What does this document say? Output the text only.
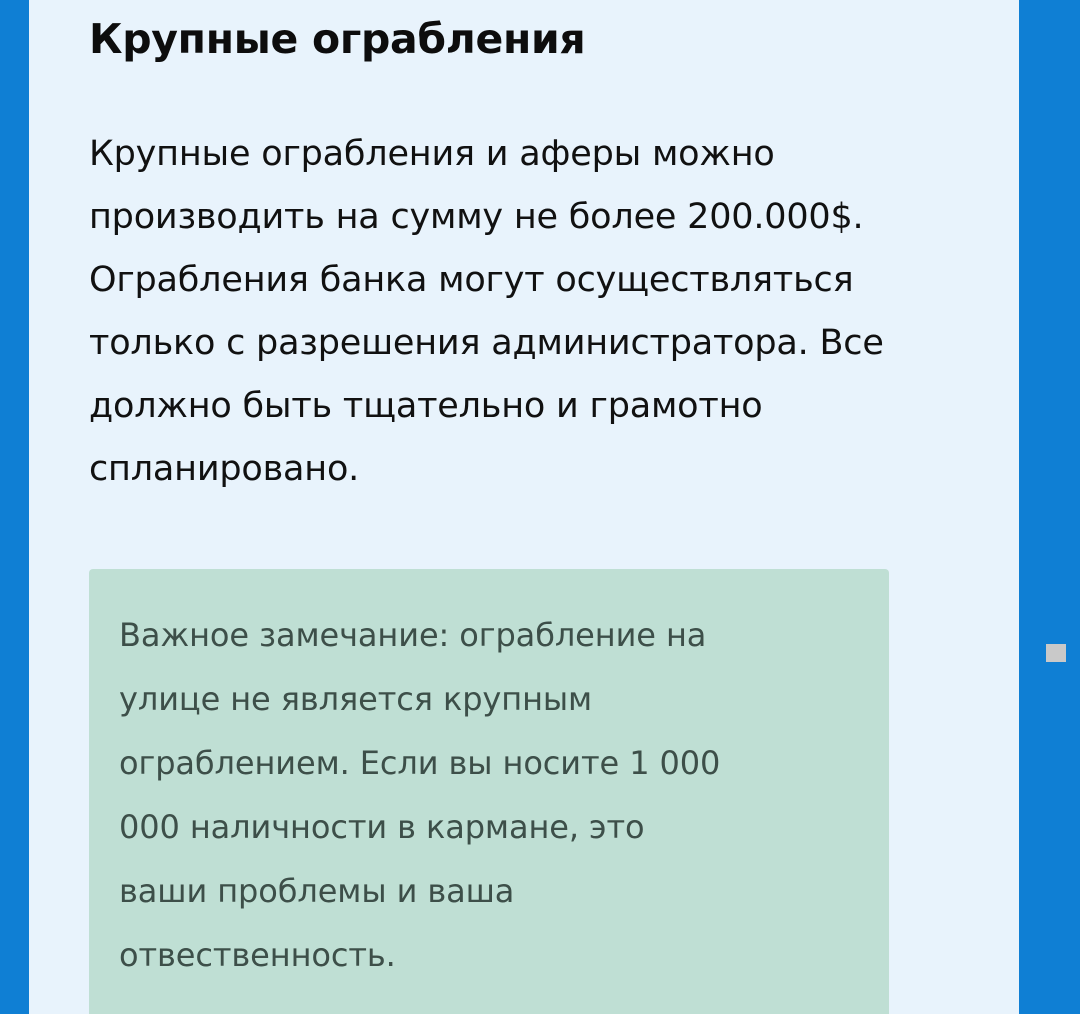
Крупные ограбления

Крупные ограбления и аферы можно производить на сумму не более 200.000$. Ограбления банка могут осуществляться только с разрешения администратора. Все должно быть тщательно и грамотно спланировано.

Важное замечание: ограбление на
улице не является крупным
ограблением. Если вы носите 1 000
000 наличности в кармане, это
ваши проблемы и ваша
отвественность.
